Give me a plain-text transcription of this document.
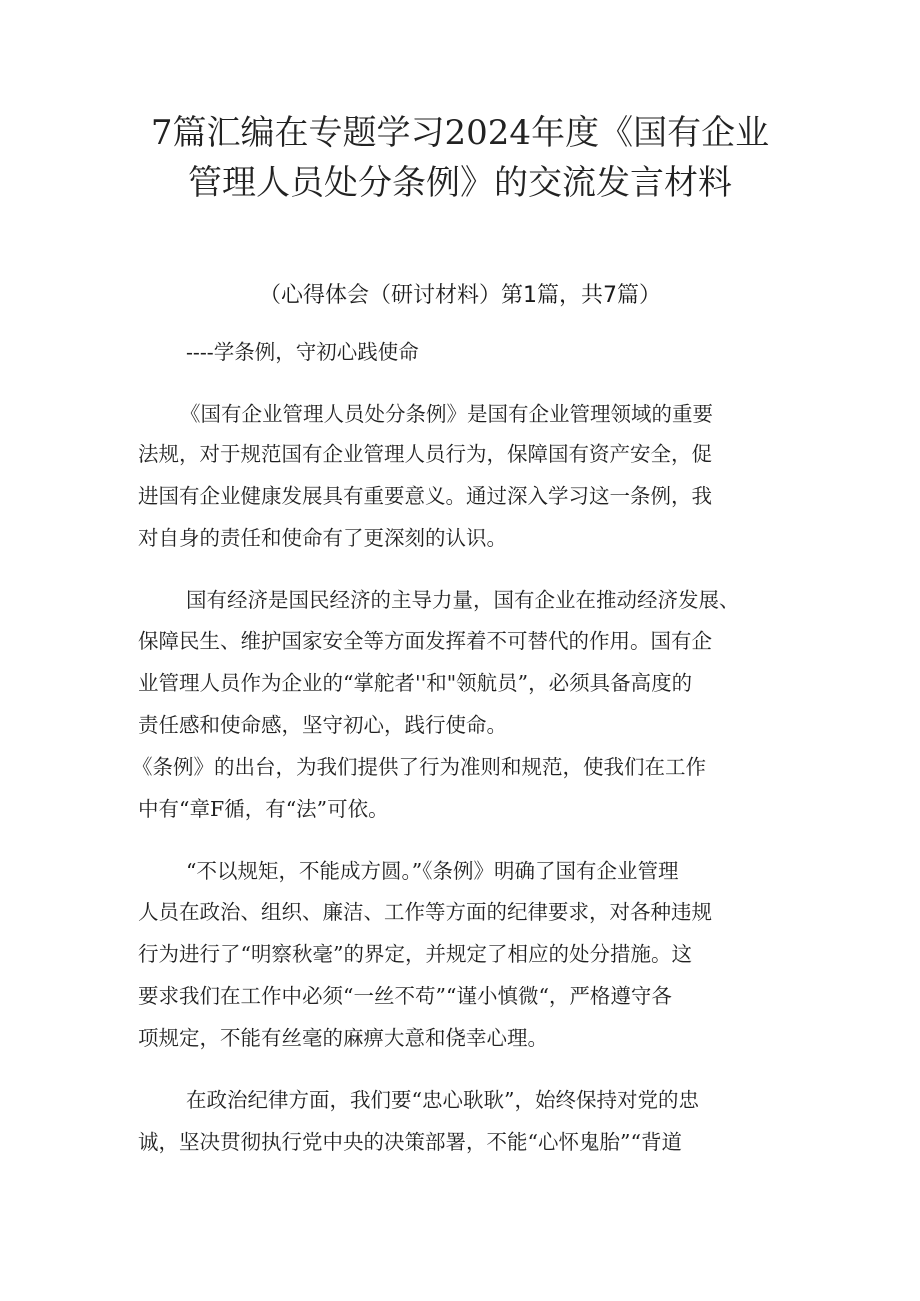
7篇汇编在专题学习2024年度《国有企业
管理人员处分条例》的交流发言材料
（心得体会（研讨材料）第1篇，共7篇）
----学条例，守初心践使命
《国有企业管理人员处分条例》是国有企业管理领域的重要
法规，对于规范国有企业管理人员行为，保障国有资产安全，促
进国有企业健康发展具有重要意义。通过深入学习这一条例，我
对自身的责任和使命有了更深刻的认识。
国有经济是国民经济的主导力量，国有企业在推动经济发展、
保障民生、维护国家安全等方面发挥着不可替代的作用。国有企
业管理人员作为企业的“掌舵者''和"领航员”，必须具备高度的
责任感和使命感，坚守初心，践行使命。
《条例》的出台，为我们提供了行为准则和规范，使我们在工作
中有“章F循，有“法”可依。
“不以规矩，不能成方圆。”《条例》明确了国有企业管理
人员在政治、组织、廉洁、工作等方面的纪律要求，对各种违规
行为进行了“明察秋毫”的界定，并规定了相应的处分措施。这
要求我们在工作中必须“一丝不苟”“谨小慎微“，严格遵守各
项规定，不能有丝毫的麻痹大意和侥幸心理。
在政治纪律方面，我们要“忠心耿耿”，始终保持对党的忠
诚，坚决贯彻执行党中央的决策部署，不能“心怀鬼胎”“背道
